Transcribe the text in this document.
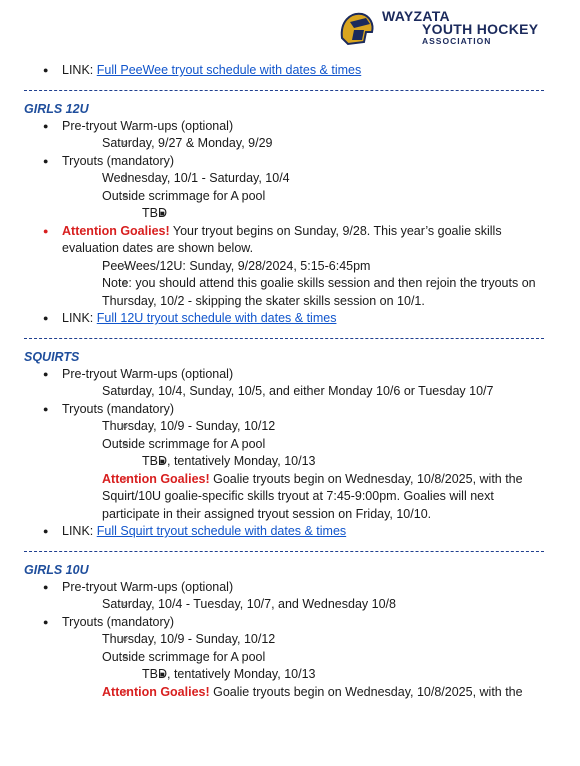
WAYZATA
YOUTH HOCKEY
ASSOCIATION
● LINK: Full PeeWee tryout schedule with dates & times
GIRLS 12U
● Pre-tryout Warm-ups (optional)
○ Saturday, 9/27 & Monday, 9/29
● Tryouts (mandatory)
○ Wednesday, 10/1 - Saturday, 10/4
○ Outside scrimmage for A pool
■ TBD
● Attention Goalies! Your tryout begins on Sunday, 9/28. This year’s goalie skills evaluation dates are shown below.
○ PeeWees/12U: Sunday, 9/28/2024, 5:15-6:45pm
○ Note: you should attend this goalie skills session and then rejoin the tryouts on Thursday, 10/2 - skipping the skater skills session on 10/1.
● LINK: Full 12U tryout schedule with dates & times
SQUIRTS
● Pre-tryout Warm-ups (optional)
○ Saturday, 10/4, Sunday, 10/5, and either Monday 10/6 or Tuesday 10/7
● Tryouts (mandatory)
○ Thursday, 10/9 - Sunday, 10/12
○ Outside scrimmage for A pool
■ TBD, tentatively Monday, 10/13
○ Attention Goalies! Goalie tryouts begin on Wednesday, 10/8/2025, with the Squirt/10U goalie-specific skills tryout at 7:45-9:00pm. Goalies will next participate in their assigned tryout session on Friday, 10/10.
● LINK: Full Squirt tryout schedule with dates & times
GIRLS 10U
● Pre-tryout Warm-ups (optional)
○ Saturday, 10/4 - Tuesday, 10/7, and Wednesday 10/8
● Tryouts (mandatory)
○ Thursday, 10/9 - Sunday, 10/12
○ Outside scrimmage for A pool
■ TBD, tentatively Monday, 10/13
○ Attention Goalies! Goalie tryouts begin on Wednesday, 10/8/2025, with the
